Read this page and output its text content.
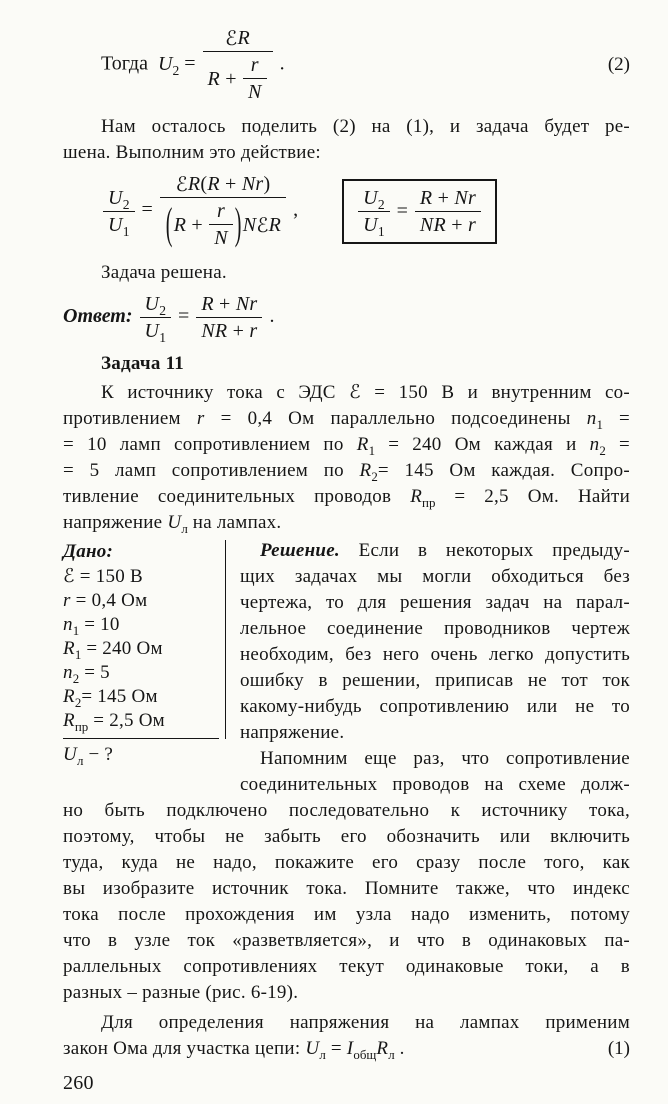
Тогда  $U_2 = \frac{\text{ℰ R}}{R + \frac{r}{N}}$ .	(2)
Нам осталось поделить (2) на (1), и задача будет ре-
шена. Выполним это действие:
$\frac{U_2}{U_1} = \frac{\text{ℰ R ( R + Nr )}}{( R + \frac{r}{N} ) N ℰ R}$ ,	$\frac{U_2}{U_1} = \frac{R + Nr}{NR + r}$
Задача решена.
Ответ: $\frac{U_2}{U_1} = \frac{R + Nr}{NR + r}$ .
Задача 11
К источнику тока с ЭДС ℰ = 150 В и внутренним со-
противлением r = 0,4 Ом параллельно подсоединены $n_1$ =
= 10 ламп сопротивлением по $R_1 = 240$ Ом каждая и $n_2$ =
= 5 ламп сопротивлением по $R_2= 145$ Ом каждая. Сопро-
тивление соединительных проводов $R_{пр} = 2,5$ Ом. Найти
напряжение $U_л$ на лампах.
Дано:
ℰ = 150 В
r = 0,4 Ом
$n_1 = 10$
$R_1 = 240$ Ом
$n_2 = 5$
$R_2= 145$ Ом
$R_{пр} = 2,5$ Ом
$U_л$ − ?
Решение. Если в некоторых предыду-
щих задачах мы могли обходиться без
чертежа, то для решения задач на парал-
лельное соединение проводников чертеж
необходим, без него очень легко допустить
ошибку в решении, приписав не тот ток
какому-нибудь сопротивлению или не то
напряжение.
Напомним еще раз, что сопротивление
соединительных проводов на схеме долж-
но быть подключено последовательно к источнику тока,
поэтому, чтобы не забыть его обозначить или включить
туда, куда не надо, покажите его сразу после того, как
вы изобразите источник тока. Помните также, что индекс
тока после прохождения им узла надо изменить, потому
что в узле ток «разветвляется», и что в одинаковых па-
раллельных сопротивлениях текут одинаковые токи, а в
разных – разные (рис. 6-19).
Для определения напряжения на лампах применим
закон Ома для участка цепи: $U_л = I_{общ}R_л$ .	(1)
260
